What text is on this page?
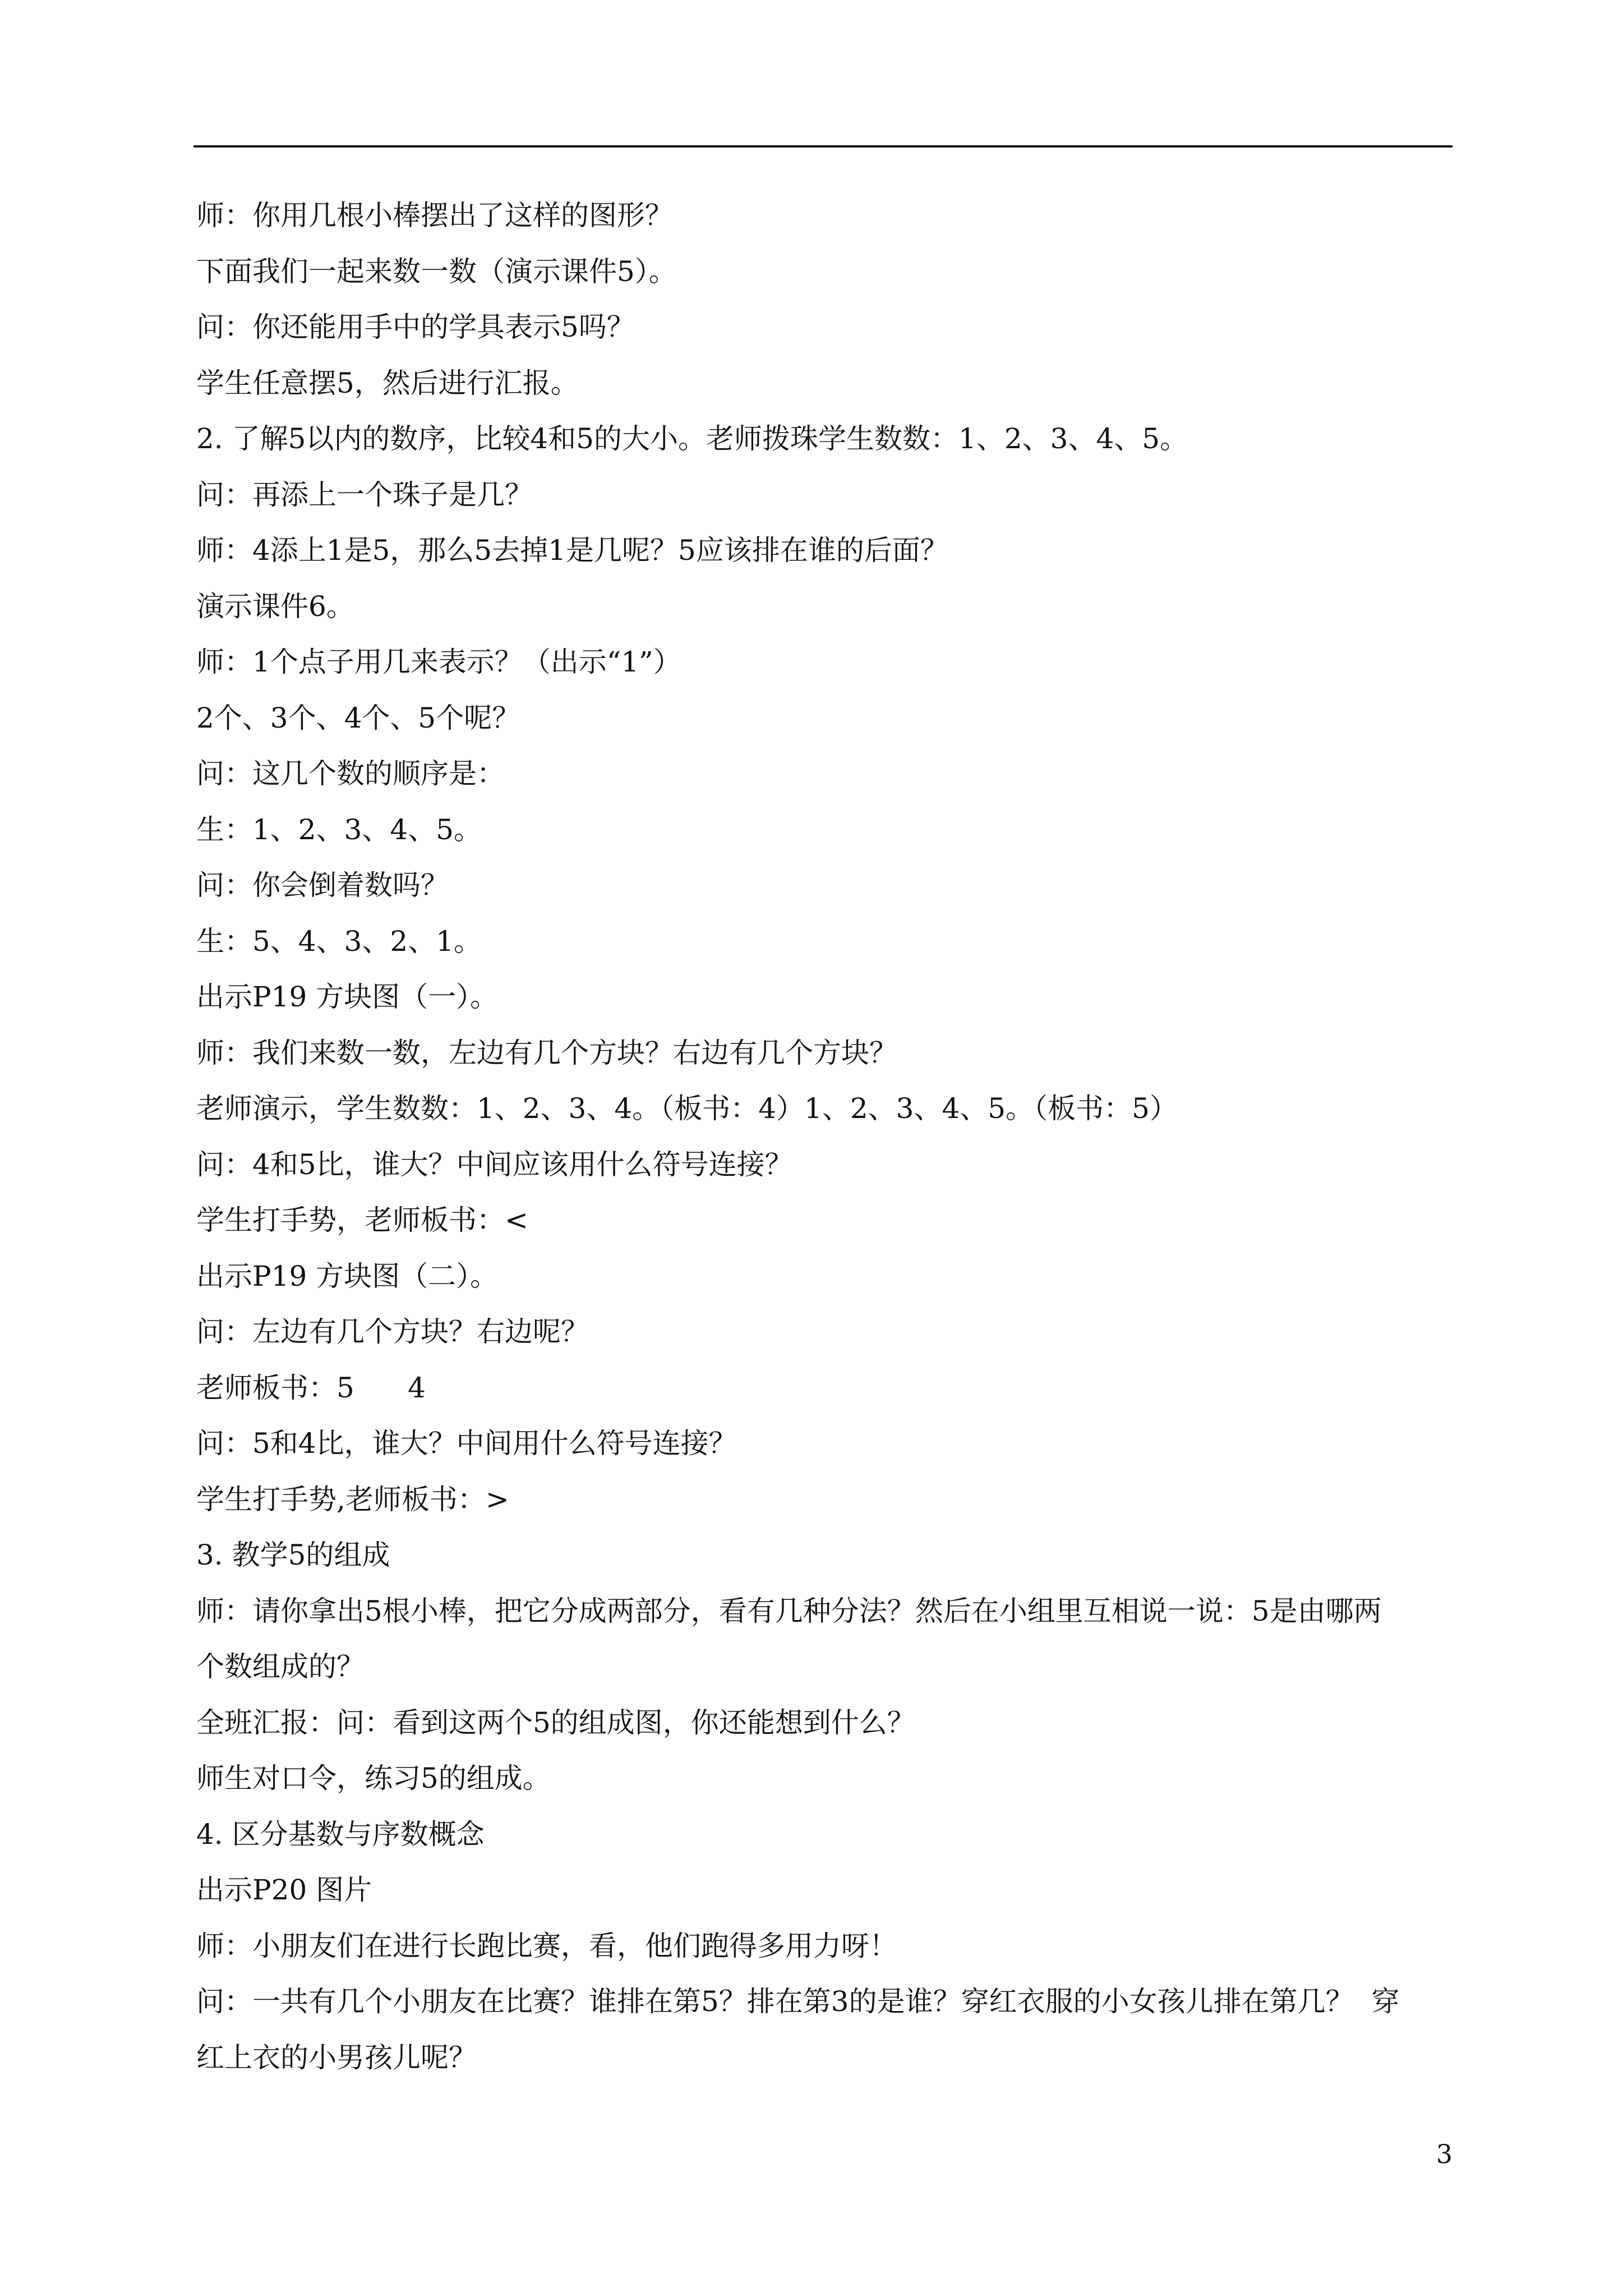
师：你用几根小棒摆出了这样的图形？
下面我们一起来数一数（演示课件5）。
问：你还能用手中的学具表示5吗？
学生任意摆5，然后进行汇报。
2. 了解5以内的数序，比较4和5的大小。老师拨珠学生数数：1、2、3、4、5。
问：再添上一个珠子是几？
师：4添上1是5，那么5去掉1是几呢？5应该排在谁的后面？
演示课件6。
师：1个点子用几来表示？（出示“1”）
2个、3个、4个、5个呢？
问：这几个数的顺序是：
生：1、2、3、4、5。
问：你会倒着数吗？
生：5、4、3、2、1。
出示P19 方块图（一）。
师：我们来数一数，左边有几个方块？右边有几个方块？
老师演示，学生数数：1、2、3、4。（板书：4）1、2、3、4、5。（板书：5）
问：4和5比，谁大？中间应该用什么符号连接？
学生打手势，老师板书：<
出示P19 方块图（二）。
问：左边有几个方块？右边呢？
老师板书：5      4
问：5和4比，谁大？中间用什么符号连接？
学生打手势,老师板书：>
3. 教学5的组成
师：请你拿出5根小棒，把它分成两部分，看有几种分法？然后在小组里互相说一说：5是由哪两
个数组成的？
全班汇报：问：看到这两个5的组成图，你还能想到什么？
师生对口令，练习5的组成。
4. 区分基数与序数概念
出示P20 图片
师：小朋友们在进行长跑比赛，看，他们跑得多用力呀！
问：一共有几个小朋友在比赛？谁排在第5？排在第3的是谁？穿红衣服的小女孩儿排在第几？  穿
红上衣的小男孩儿呢？
3
